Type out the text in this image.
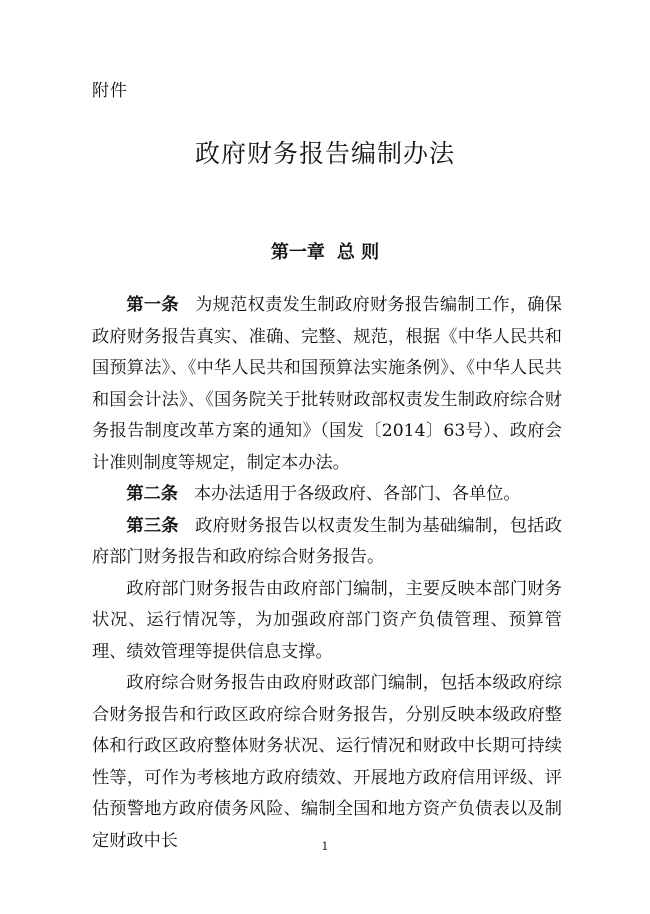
附件
政府财务报告编制办法
第一章 总 则

第一条 为规范权责发生制政府财务报告编制工作，确保政府财务报告真实、准确、完整、规范，根据《中华人民共和国预算法》、《中华人民共和国预算法实施条例》、《中华人民共和国会计法》、《国务院关于批转财政部权责发生制政府综合财务报告制度改革方案的通知》（国发〔2014〕63号）、政府会计准则制度等规定，制定本办法。

第二条 本办法适用于各级政府、各部门、各单位。

第三条 政府财务报告以权责发生制为基础编制，包括政府部门财务报告和政府综合财务报告。

政府部门财务报告由政府部门编制，主要反映本部门财务状况、运行情况等，为加强政府部门资产负债管理、预算管理、绩效管理等提供信息支撑。

政府综合财务报告由政府财政部门编制，包括本级政府综合财务报告和行政区政府综合财务报告，分别反映本级政府整体和行政区政府整体财务状况、运行情况和财政中长期可持续性等，可作为考核地方政府绩效、开展地方政府信用评级、评估预警地方政府债务风险、编制全国和地方资产负债表以及制定财政中长	1
